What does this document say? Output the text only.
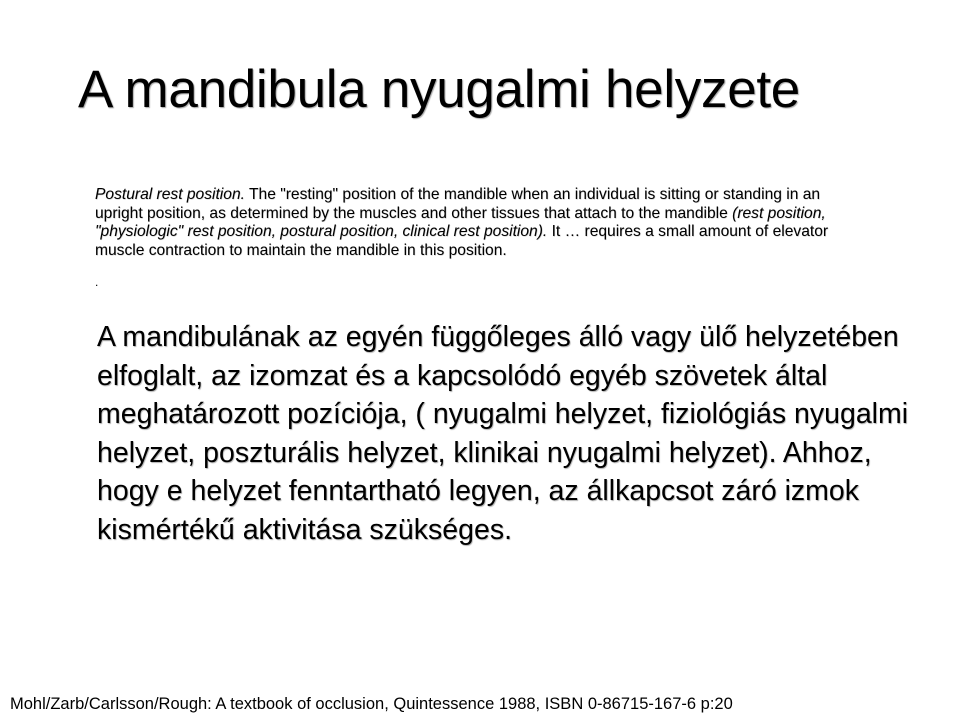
A mandibula nyugalmi helyzete

Postural rest position. The "resting" position of the mandible when an individual is sitting or standing in an upright position, as determined by the muscles and other tissues that attach to the mandible (rest position, "physiologic" rest position, postural position, clinical rest position). It … requires a small amount of elevator muscle contraction to maintain the mandible in this position.

.

A mandibulának az egyén függőleges álló vagy ülő helyzetében elfoglalt, az izomzat és a kapcsolódó egyéb szövetek által meghatározott pozíciója, ( nyugalmi helyzet, fiziológiás nyugalmi helyzet, poszturális helyzet, klinikai nyugalmi helyzet). Ahhoz, hogy e helyzet fenntartható legyen, az állkapcsot záró izmok kismértékű aktivitása szükséges.

Mohl/Zarb/Carlsson/Rough: A textbook of occlusion, Quintessence 1988, ISBN 0-86715-167-6 p:20
